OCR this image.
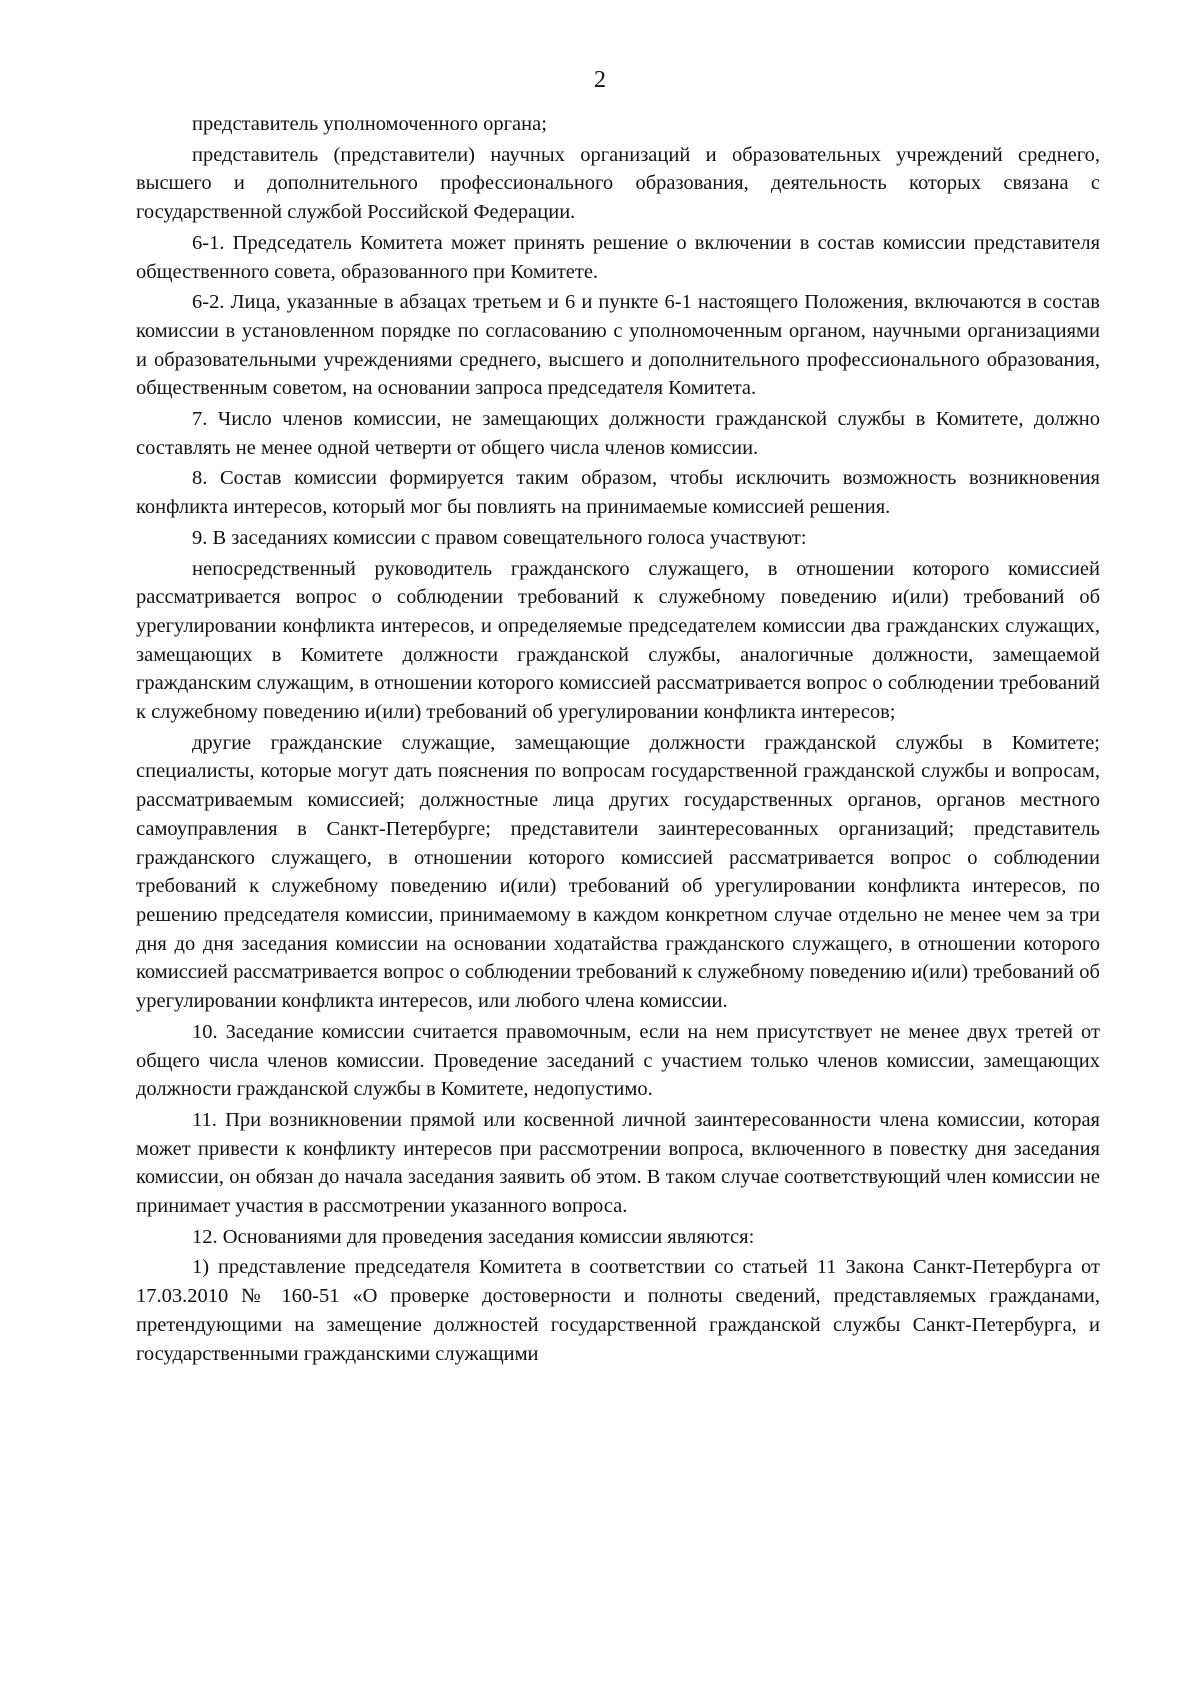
2

представитель уполномоченного органа;

представитель (представители) научных организаций и образовательных учреждений среднего, высшего и дополнительного профессионального образования, деятельность которых связана с государственной службой Российской Федерации.

6-1. Председатель Комитета может принять решение о включении в состав комиссии представителя общественного совета, образованного при Комитете.

6-2. Лица, указанные в абзацах третьем и 6 и пункте 6-1 настоящего Положения, включаются в состав комиссии в установленном порядке по согласованию с уполномоченным органом, научными организациями и образовательными учреждениями среднего, высшего и дополнительного профессионального образования, общественным советом, на основании запроса председателя Комитета.

7. Число членов комиссии, не замещающих должности гражданской службы в Комитете, должно составлять не менее одной четверти от общего числа членов комиссии.

8. Состав комиссии формируется таким образом, чтобы исключить возможность возникновения конфликта интересов, который мог бы повлиять на принимаемые комиссией решения.

9. В заседаниях комиссии с правом совещательного голоса участвуют:

непосредственный руководитель гражданского служащего, в отношении которого комиссией рассматривается вопрос о соблюдении требований к служебному поведению и(или) требований об урегулировании конфликта интересов, и определяемые председателем комиссии два гражданских служащих, замещающих в Комитете должности гражданской службы, аналогичные должности, замещаемой гражданским служащим, в отношении которого комиссией рассматривается вопрос о соблюдении требований к служебному поведению и(или) требований об урегулировании конфликта интересов;

другие гражданские служащие, замещающие должности гражданской службы в Комитете; специалисты, которые могут дать пояснения по вопросам государственной гражданской службы и вопросам, рассматриваемым комиссией; должностные лица других государственных органов, органов местного самоуправления в Санкт-Петербурге; представители заинтересованных организаций; представитель гражданского служащего, в отношении которого комиссией рассматривается вопрос о соблюдении требований к служебному поведению и(или) требований об урегулировании конфликта интересов, по решению председателя комиссии, принимаемому в каждом конкретном случае отдельно не менее чем за три дня до дня заседания комиссии на основании ходатайства гражданского служащего, в отношении которого комиссией рассматривается вопрос о соблюдении требований к служебному поведению и(или) требований об урегулировании конфликта интересов, или любого члена комиссии.

10. Заседание комиссии считается правомочным, если на нем присутствует не менее двух третей от общего числа членов комиссии. Проведение заседаний с участием только членов комиссии, замещающих должности гражданской службы в Комитете, недопустимо.

11. При возникновении прямой или косвенной личной заинтересованности члена комиссии, которая может привести к конфликту интересов при рассмотрении вопроса, включенного в повестку дня заседания комиссии, он обязан до начала заседания заявить об этом. В таком случае соответствующий член комиссии не принимает участия в рассмотрении указанного вопроса.

12. Основаниями для проведения заседания комиссии являются:

1) представление председателя Комитета в соответствии со статьей 11 Закона Санкт-Петербурга от 17.03.2010 № 160-51 «О проверке достоверности и полноты сведений, представляемых гражданами, претендующими на замещение должностей государственной гражданской службы Санкт-Петербурга, и государственными гражданскими служащими
